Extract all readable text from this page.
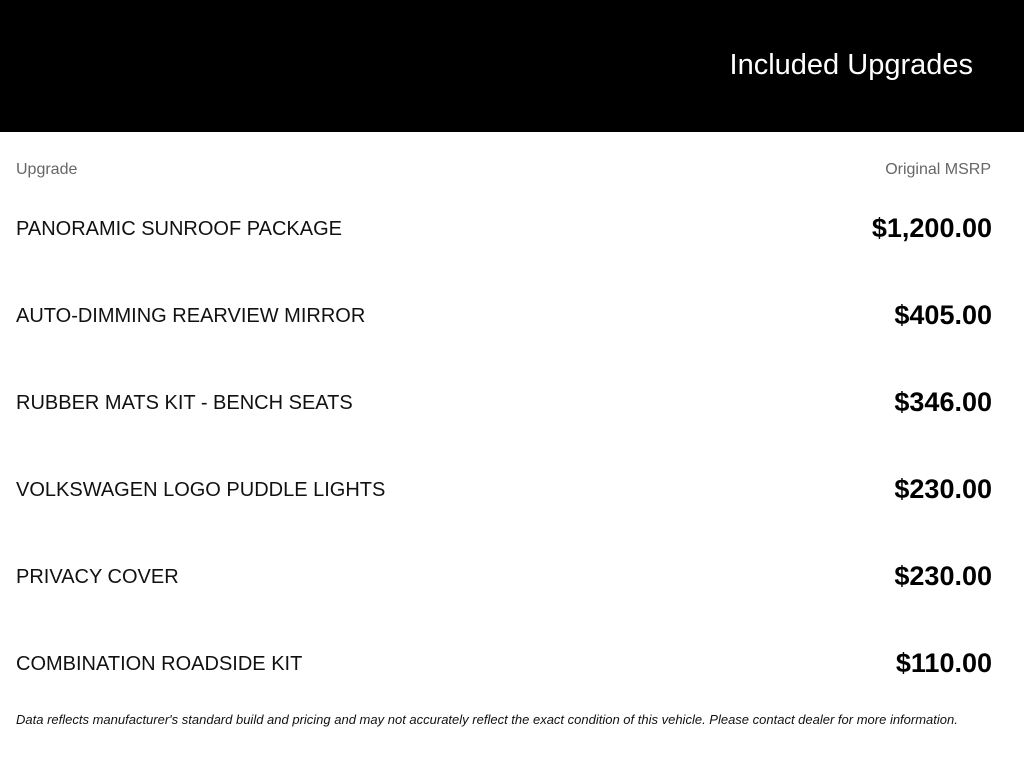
Included Upgrades
Upgrade	Original MSRP
PANORAMIC SUNROOF PACKAGE	$1,200.00
AUTO-DIMMING REARVIEW MIRROR	$405.00
RUBBER MATS KIT - BENCH SEATS	$346.00
VOLKSWAGEN LOGO PUDDLE LIGHTS	$230.00
PRIVACY COVER	$230.00
COMBINATION ROADSIDE KIT	$110.00
Data reflects manufacturer's standard build and pricing and may not accurately reflect the exact condition of this vehicle. Please contact dealer for more information.
